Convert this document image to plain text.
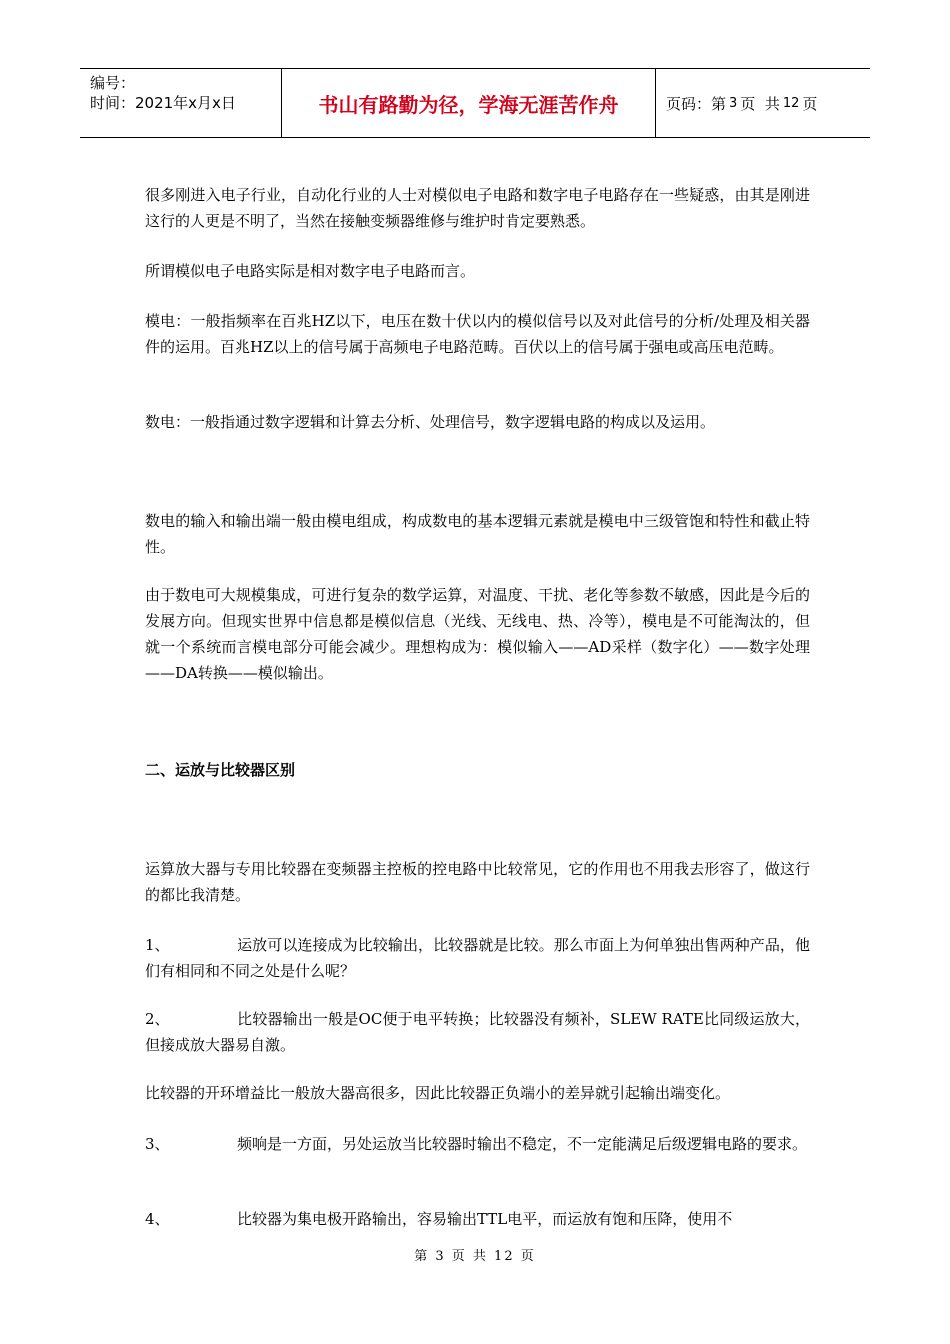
编号：
时间：2021年x月x日	书山有路勤为径，学海无涯苦作舟	页码：第 3 页  共 12 页

很多刚进入电子行业，自动化行业的人士对模似电子电路和数字电子电路存在一些疑惑，由其是刚进这行的人更是不明了，当然在接触变频器维修与维护时肯定要熟悉。

所谓模似电子电路实际是相对数字电子电路而言。

模电：一般指频率在百兆HZ以下，电压在数十伏以内的模似信号以及对此信号的分析/处理及相关器件的运用。百兆HZ以上的信号属于高频电子电路范畴。百伏以上的信号属于强电或高压电范畴。

数电：一般指通过数字逻辑和计算去分析、处理信号，数字逻辑电路的构成以及运用。

数电的输入和输出端一般由模电组成，构成数电的基本逻辑元素就是模电中三级管饱和特性和截止特性。

由于数电可大规模集成，可进行复杂的数学运算，对温度、干扰、老化等参数不敏感，因此是今后的发展方向。但现实世界中信息都是模似信息（光线、无线电、热、冷等），模电是不可能淘汰的，但就一个系统而言模电部分可能会减少。理想构成为：模似输入——AD采样（数字化）——数字处理——DA转换——模似输出。

二、运放与比较器区别

运算放大器与专用比较器在变频器主控板的控电路中比较常见，它的作用也不用我去形容了，做这行的都比我清楚。

1、	运放可以连接成为比较输出，比较器就是比较。那么市面上为何单独出售两种产品，他们有相同和不同之处是什么呢？

2、	比较器输出一般是OC便于电平转换；比较器没有频补，SLEW RATE比同级运放大，但接成放大器易自激。

比较器的开环增益比一般放大器高很多，因此比较器正负端小的差异就引起输出端变化。

3、	频响是一方面，另处运放当比较器时输出不稳定，不一定能满足后级逻辑电路的要求。

4、	比较器为集电极开路输出，容易输出TTL电平，而运放有饱和压降，使用不

第 3 页 共 12 页
